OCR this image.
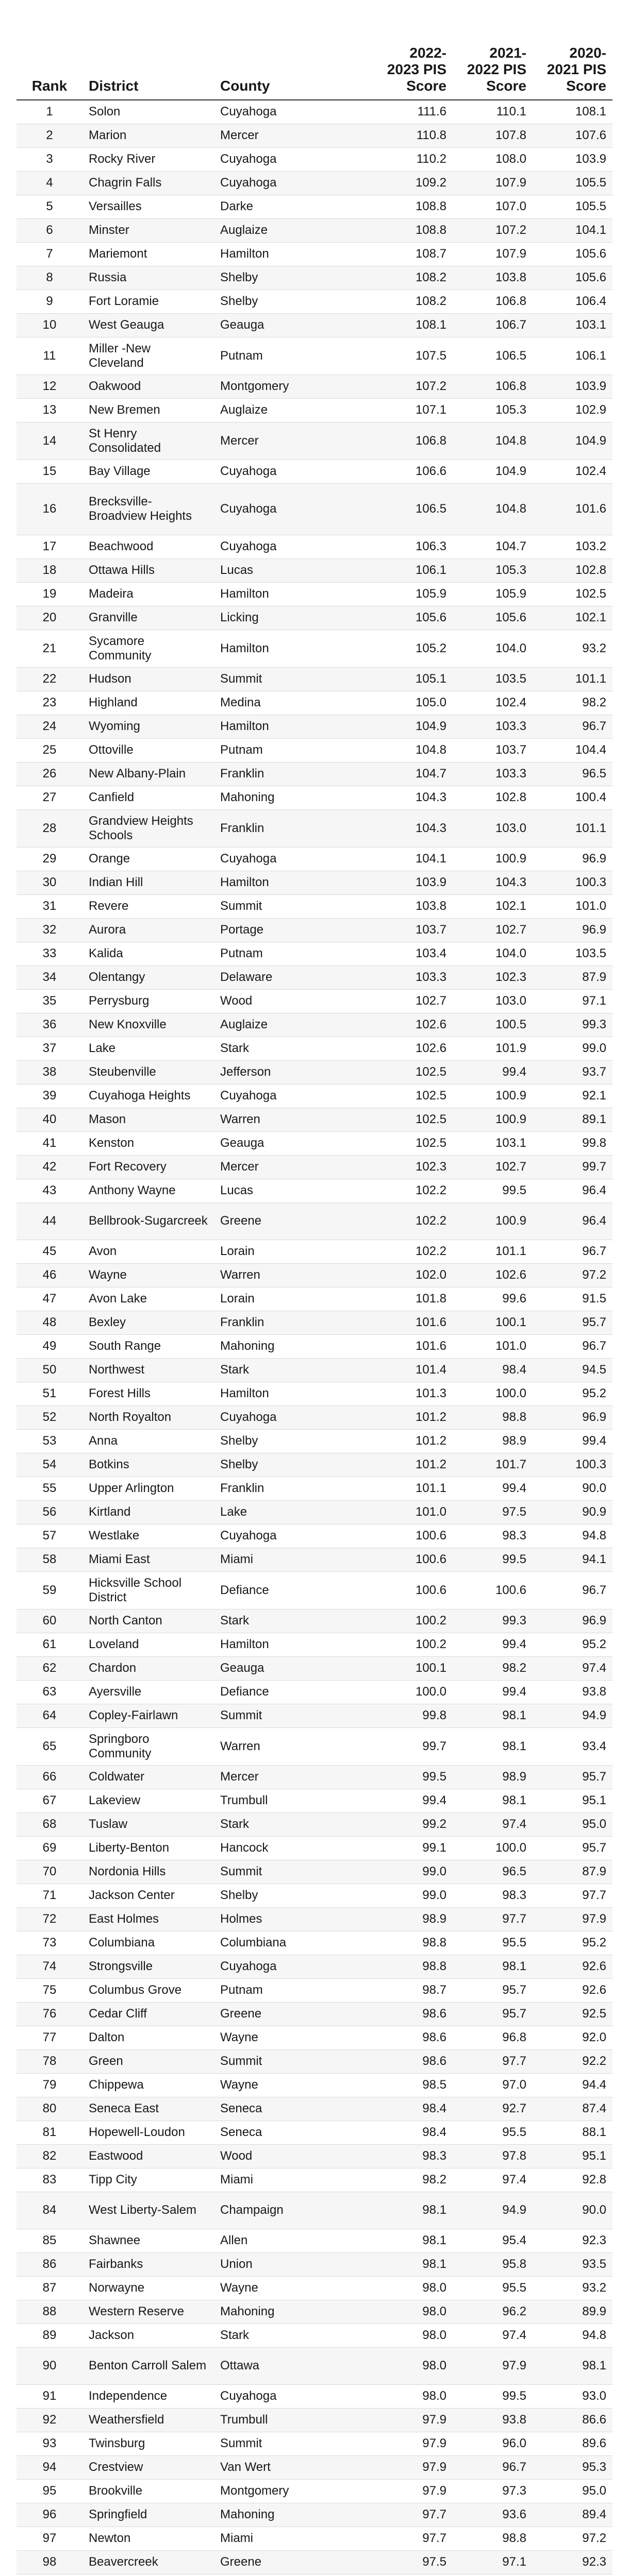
Rank	District	County	2022-2023 PIS Score	2021-2022 PIS Score	2020-2021 PIS Score
1	Solon	Cuyahoga	111.6	110.1	108.1
2	Marion	Mercer	110.8	107.8	107.6
3	Rocky River	Cuyahoga	110.2	108.0	103.9
4	Chagrin Falls	Cuyahoga	109.2	107.9	105.5
5	Versailles	Darke	108.8	107.0	105.5
6	Minster	Auglaize	108.8	107.2	104.1
7	Mariemont	Hamilton	108.7	107.9	105.6
8	Russia	Shelby	108.2	103.8	105.6
9	Fort Loramie	Shelby	108.2	106.8	106.4
10	West Geauga	Geauga	108.1	106.7	103.1
11	Miller -New Cleveland	Putnam	107.5	106.5	106.1
12	Oakwood	Montgomery	107.2	106.8	103.9
13	New Bremen	Auglaize	107.1	105.3	102.9
14	St Henry Consolidated	Mercer	106.8	104.8	104.9
15	Bay Village	Cuyahoga	106.6	104.9	102.4
16	Brecksville-Broadview Heights	Cuyahoga	106.5	104.8	101.6
17	Beachwood	Cuyahoga	106.3	104.7	103.2
18	Ottawa Hills	Lucas	106.1	105.3	102.8
19	Madeira	Hamilton	105.9	105.9	102.5
20	Granville	Licking	105.6	105.6	102.1
21	Sycamore Community	Hamilton	105.2	104.0	93.2
22	Hudson	Summit	105.1	103.5	101.1
23	Highland	Medina	105.0	102.4	98.2
24	Wyoming	Hamilton	104.9	103.3	96.7
25	Ottoville	Putnam	104.8	103.7	104.4
26	New Albany-Plain	Franklin	104.7	103.3	96.5
27	Canfield	Mahoning	104.3	102.8	100.4
28	Grandview Heights Schools	Franklin	104.3	103.0	101.1
29	Orange	Cuyahoga	104.1	100.9	96.9
30	Indian Hill	Hamilton	103.9	104.3	100.3
31	Revere	Summit	103.8	102.1	101.0
32	Aurora	Portage	103.7	102.7	96.9
33	Kalida	Putnam	103.4	104.0	103.5
34	Olentangy	Delaware	103.3	102.3	87.9
35	Perrysburg	Wood	102.7	103.0	97.1
36	New Knoxville	Auglaize	102.6	100.5	99.3
37	Lake	Stark	102.6	101.9	99.0
38	Steubenville	Jefferson	102.5	99.4	93.7
39	Cuyahoga Heights	Cuyahoga	102.5	100.9	92.1
40	Mason	Warren	102.5	100.9	89.1
41	Kenston	Geauga	102.5	103.1	99.8
42	Fort Recovery	Mercer	102.3	102.7	99.7
43	Anthony Wayne	Lucas	102.2	99.5	96.4
44	Bellbrook-Sugarcreek	Greene	102.2	100.9	96.4
45	Avon	Lorain	102.2	101.1	96.7
46	Wayne	Warren	102.0	102.6	97.2
47	Avon Lake	Lorain	101.8	99.6	91.5
48	Bexley	Franklin	101.6	100.1	95.7
49	South Range	Mahoning	101.6	101.0	96.7
50	Northwest	Stark	101.4	98.4	94.5
51	Forest Hills	Hamilton	101.3	100.0	95.2
52	North Royalton	Cuyahoga	101.2	98.8	96.9
53	Anna	Shelby	101.2	98.9	99.4
54	Botkins	Shelby	101.2	101.7	100.3
55	Upper Arlington	Franklin	101.1	99.4	90.0
56	Kirtland	Lake	101.0	97.5	90.9
57	Westlake	Cuyahoga	100.6	98.3	94.8
58	Miami East	Miami	100.6	99.5	94.1
59	Hicksville School District	Defiance	100.6	100.6	96.7
60	North Canton	Stark	100.2	99.3	96.9
61	Loveland	Hamilton	100.2	99.4	95.2
62	Chardon	Geauga	100.1	98.2	97.4
63	Ayersville	Defiance	100.0	99.4	93.8
64	Copley-Fairlawn	Summit	99.8	98.1	94.9
65	Springboro Community	Warren	99.7	98.1	93.4
66	Coldwater	Mercer	99.5	98.9	95.7
67	Lakeview	Trumbull	99.4	98.1	95.1
68	Tuslaw	Stark	99.2	97.4	95.0
69	Liberty-Benton	Hancock	99.1	100.0	95.7
70	Nordonia Hills	Summit	99.0	96.5	87.9
71	Jackson Center	Shelby	99.0	98.3	97.7
72	East Holmes	Holmes	98.9	97.7	97.9
73	Columbiana	Columbiana	98.8	95.5	95.2
74	Strongsville	Cuyahoga	98.8	98.1	92.6
75	Columbus Grove	Putnam	98.7	95.7	92.6
76	Cedar Cliff	Greene	98.6	95.7	92.5
77	Dalton	Wayne	98.6	96.8	92.0
78	Green	Summit	98.6	97.7	92.2
79	Chippewa	Wayne	98.5	97.0	94.4
80	Seneca East	Seneca	98.4	92.7	87.4
81	Hopewell-Loudon	Seneca	98.4	95.5	88.1
82	Eastwood	Wood	98.3	97.8	95.1
83	Tipp City	Miami	98.2	97.4	92.8
84	West Liberty-Salem	Champaign	98.1	94.9	90.0
85	Shawnee	Allen	98.1	95.4	92.3
86	Fairbanks	Union	98.1	95.8	93.5
87	Norwayne	Wayne	98.0	95.5	93.2
88	Western Reserve	Mahoning	98.0	96.2	89.9
89	Jackson	Stark	98.0	97.4	94.8
90	Benton Carroll Salem	Ottawa	98.0	97.9	98.1
91	Independence	Cuyahoga	98.0	99.5	93.0
92	Weathersfield	Trumbull	97.9	93.8	86.6
93	Twinsburg	Summit	97.9	96.0	89.6
94	Crestview	Van Wert	97.9	96.7	95.3
95	Brookville	Montgomery	97.9	97.3	95.0
96	Springfield	Mahoning	97.7	93.6	89.4
97	Newton	Miami	97.7	98.8	97.2
98	Beavercreek	Greene	97.5	97.1	92.3
